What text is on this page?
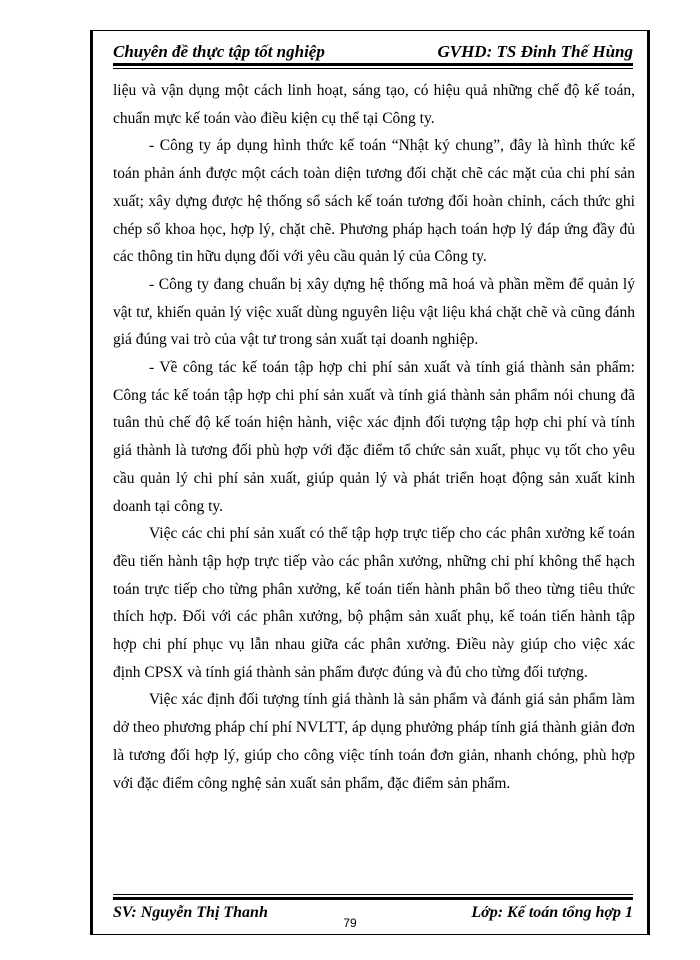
Chuyên đề thực tập tốt nghiệp	GVHD: TS Đinh Thế Hùng

liệu và vận dụng một cách linh hoạt, sáng tạo, có hiệu quả những chế độ kế toán, chuẩn mực kế toán vào điều kiện cụ thể tại Công ty.

- Công ty áp dụng hình thức kế toán “Nhật ký chung”, đây là hình thức kế toán phản ánh được một cách toàn diện tương đối chặt chẽ các mặt của chi phí sản xuất; xây dựng được hệ thống sổ sách kế toán tương đối hoàn chỉnh, cách thức ghi chép sổ khoa học, hợp lý, chặt chẽ. Phương pháp hạch toán hợp lý đáp ứng đầy đủ các thông tin hữu dụng đối với yêu cầu quản lý của Công ty.

- Công ty đang chuẩn bị xây dựng hệ thống mã hoá và phần mềm để quản lý vật tư, khiến quản lý việc xuất dùng nguyên liệu vật liệu khá chặt chẽ và cũng đánh giá đúng vai trò của vật tư trong sản xuất tại doanh nghiệp.

- Về công tác kế toán tập hợp chi phí sản xuất và tính giá thành sản phẩm: Công tác kế toán tập hợp chi phí sản xuất và tính giá thành sản phẩm nói chung đã tuân thủ chế độ kế toán hiện hành, việc xác định đối tượng tập hợp chi phí và tính giá thành là tương đối phù hợp với đặc điểm tổ chức sản xuất, phục vụ tốt cho yêu cầu quản lý chi phí sản xuất, giúp quản lý và phát triển hoạt động sản xuất kinh doanh tại công ty.

Việc các chi phí sản xuất có thể tập hợp trực tiếp cho các phân xưởng kế toán đều tiến hành tập hợp trực tiếp vào các phân xưởng, những chi phí không thể hạch toán trực tiếp cho từng phân xưởng, kế toán tiến hành phân bổ theo từng tiêu thức thích hợp. Đối với các phân xưởng, bộ phậm sản xuất phụ, kế toán tiến hành tập hợp chi phí phục vụ lẫn nhau giữa các phân xưởng. Điều này giúp cho việc xác định CPSX và tính giá thành sản phẩm được đúng và đủ cho từng đối tượng.

Việc xác định đối tượng tính giá thành là sản phẩm và đánh giá sản phẩm làm dở theo phương pháp chí phí NVLTT, áp dụng phưởng pháp tính giá thành giản đơn là tương đối hợp lý, giúp cho công việc tính toán đơn giản, nhanh chóng, phù hợp với đặc điểm công nghệ sản xuất sản phẩm, đặc điểm sản phẩm.

SV: Nguyễn Thị Thanh	Lớp: Kế toán tổng hợp 1
79
